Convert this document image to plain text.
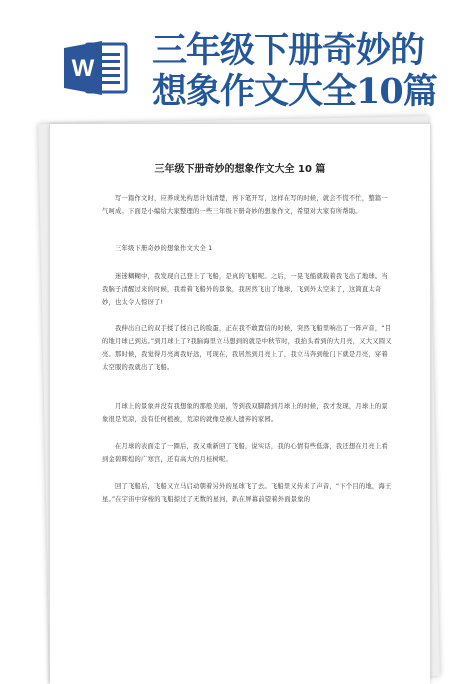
W 三年级下册奇妙的
想象作文大全10篇
三年级下册奇妙的想象作文大全 10 篇
写一篇作文时，应养成先构思计划清楚，再下笔开写，这样在写的时候，就会不慌不忙，整篇一气呵成。下面是小编给大家整理的一些三年级下册奇妙的想象作文，希望对大家有所帮助。
三年级下册奇妙的想象作文大全 1
迷迷糊糊中，我发现自己登上了飞船，是真的飞船呢。之后，一晃飞船就载着我飞出了地球。当我脑子清醒过来的时候，我看着飞船外的景象，我居然飞出了地球，飞到外太空来了，这简直太奇妙，也太令人惊讶了!
我伸出自己的双手揉了揉自己的脸蛋，正在我不敢置信的时候，突然飞船里响出了一阵声音，“目的地月球已到达。”到月球上了?我脑海里立马想到的就是中秋节时，我抬头看到的大月亮，又大又圆又亮。那时候，我觉得月亮离我好远，可现在，我居然到月亮上了，我立马奔到舱门下就是月亮，穿着太空服的我就出了飞船。
月球上的景象并没有我想象的那般美丽，等到我双脚踏到月球上的时候，我才发现，月球上的景象很是荒凉，没有任何植被，荒凉的就像是被人遗弃的家园。
在月球的表面走了一圈后，我又重新回了飞船，说实话，我的心情有些低落，我还想在月亮上看到金碧辉煌的广寒宫，还有高大的月桂树呢。
回了飞船后，飞船又立马启动朝着另外的星球飞了去。飞船里又传来了声音，“下个目的地，海王星。”在宇宙中穿梭的飞船掠过了无数的星河，趴在屏幕前望着外面景象的
